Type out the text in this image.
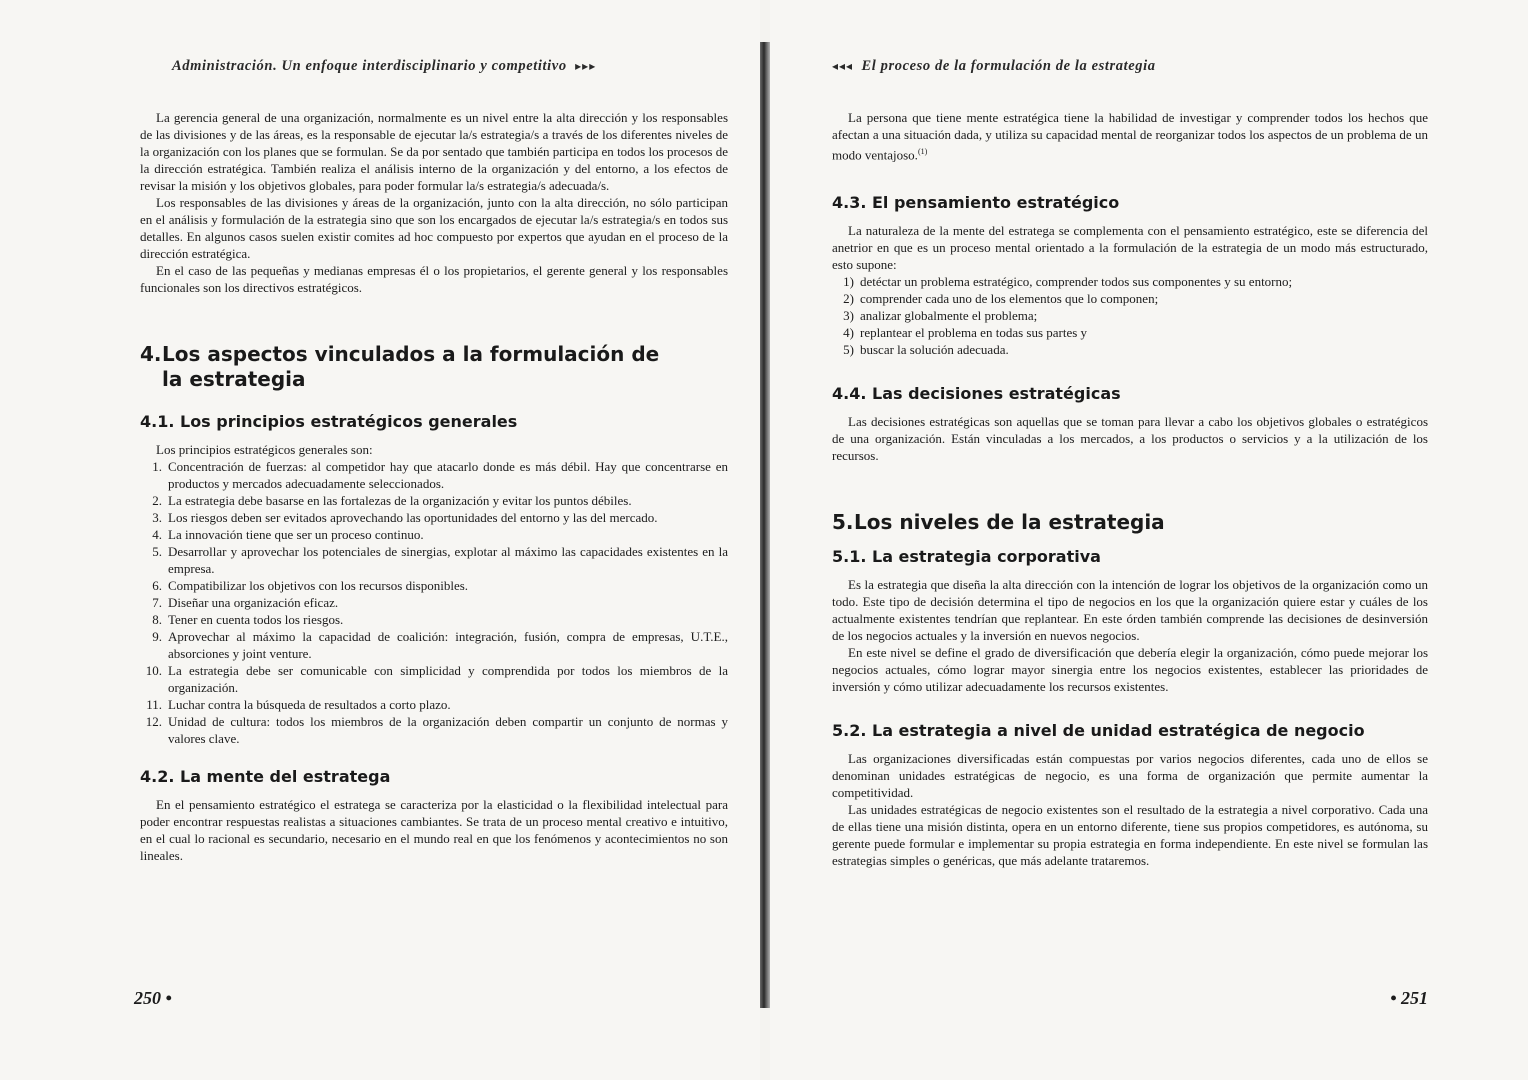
Administración. Un enfoque interdisciplinario y competitivo ▸▸▸

La gerencia general de una organización, normalmente es un nivel entre la alta dirección y los responsables de las divisiones y de las áreas, es la responsable de ejecutar la/s estrategia/s a través de los diferentes niveles de la organización con los planes que se formulan. Se da por sentado que también participa en todos los procesos de la dirección estratégica. También realiza el análisis interno de la organización y del entorno, a los efectos de revisar la misión y los objetivos globales, para poder formular la/s estrategia/s adecuada/s.

Los responsables de las divisiones y áreas de la organización, junto con la alta dirección, no sólo participan en el análisis y formulación de la estrategia sino que son los encargados de ejecutar la/s estrategia/s en todos sus detalles. En algunos casos suelen existir comites ad hoc compuesto por expertos que ayudan en el proceso de la dirección estratégica.

En el caso de las pequeñas y medianas empresas él o los propietarios, el gerente general y los responsables funcionales son los directivos estratégicos.

4.Los aspectos vinculados a la formulación de la estrategia
4.1. Los principios estratégicos generales

Los principios estratégicos generales son:

1. Concentración de fuerzas: al competidor hay que atacarlo donde es más débil. Hay que concentrarse en productos y mercados adecuadamente seleccionados.
2. La estrategia debe basarse en las fortalezas de la organización y evitar los puntos débiles.
3. Los riesgos deben ser evitados aprovechando las oportunidades del entorno y las del mercado.
4. La innovación tiene que ser un proceso continuo.
5. Desarrollar y aprovechar los potenciales de sinergias, explotar al máximo las capacidades existentes en la empresa.
6. Compatibilizar los objetivos con los recursos disponibles.
7. Diseñar una organización eficaz.
8. Tener en cuenta todos los riesgos.
9. Aprovechar al máximo la capacidad de coalición: integración, fusión, compra de empresas, U.T.E., absorciones y joint venture.
10. La estrategia debe ser comunicable con simplicidad y comprendida por todos los miembros de la organización.
11. Luchar contra la búsqueda de resultados a corto plazo.
12. Unidad de cultura: todos los miembros de la organización deben compartir un conjunto de normas y valores clave.
4.2. La mente del estratega

En el pensamiento estratégico el estratega se caracteriza por la elasticidad o la flexibilidad intelectual para poder encontrar respuestas realistas a situaciones cambiantes. Se trata de un proceso mental creativo e intuitivo, en el cual lo racional es secundario, necesario en el mundo real en que los fenómenos y acontecimientos no son lineales.

250 •
◂◂◂ El proceso de la formulación de la estrategia

La persona que tiene mente estratégica tiene la habilidad de investigar y comprender todos los hechos que afectan a una situación dada, y utiliza su capacidad mental de reorganizar todos los aspectos de un problema de un modo ventajoso.$^{(1)}$

4.3. El pensamiento estratégico

La naturaleza de la mente del estratega se complementa con el pensamiento estratégico, este se diferencia del anetrior en que es un proceso mental orientado a la formulación de la estrategia de un modo más estructurado, esto supone:

1) detéctar un problema estratégico, comprender todos sus componentes y su entorno;
2) comprender cada uno de los elementos que lo componen;
3) analizar globalmente el problema;
4) replantear el problema en todas sus partes y
5) buscar la solución adecuada.
4.4. Las decisiones estratégicas

Las decisiones estratégicas son aquellas que se toman para llevar a cabo los objetivos globales o estratégicos de una organización. Están vinculadas a los mercados, a los productos o servicios y a la utilización de los recursos.

5.Los niveles de la estrategia
5.1. La estrategia corporativa

Es la estrategia que diseña la alta dirección con la intención de lograr los objetivos de la organización como un todo. Este tipo de decisión determina el tipo de negocios en los que la organización quiere estar y cuáles de los actualmente existentes tendrían que replantear. En este órden también comprende las decisiones de desinversión de los negocios actuales y la inversión en nuevos negocios.

En este nivel se define el grado de diversificación que debería elegir la organización, cómo puede mejorar los negocios actuales, cómo lograr mayor sinergia entre los negocios existentes, establecer las prioridades de inversión y cómo utilizar adecuadamente los recursos existentes.

5.2. La estrategia a nivel de unidad estratégica de negocio

Las organizaciones diversificadas están compuestas por varios negocios diferentes, cada uno de ellos se denominan unidades estratégicas de negocio, es una forma de organización que permite aumentar la competitividad.

Las unidades estratégicas de negocio existentes son el resultado de la estrategia a nivel corporativo. Cada una de ellas tiene una misión distinta, opera en un entorno diferente, tiene sus propios competidores, es autónoma, su gerente puede formular e implementar su propia estrategia en forma independiente. En este nivel se formulan las estrategias simples o genéricas, que más adelante trataremos.

• 251
